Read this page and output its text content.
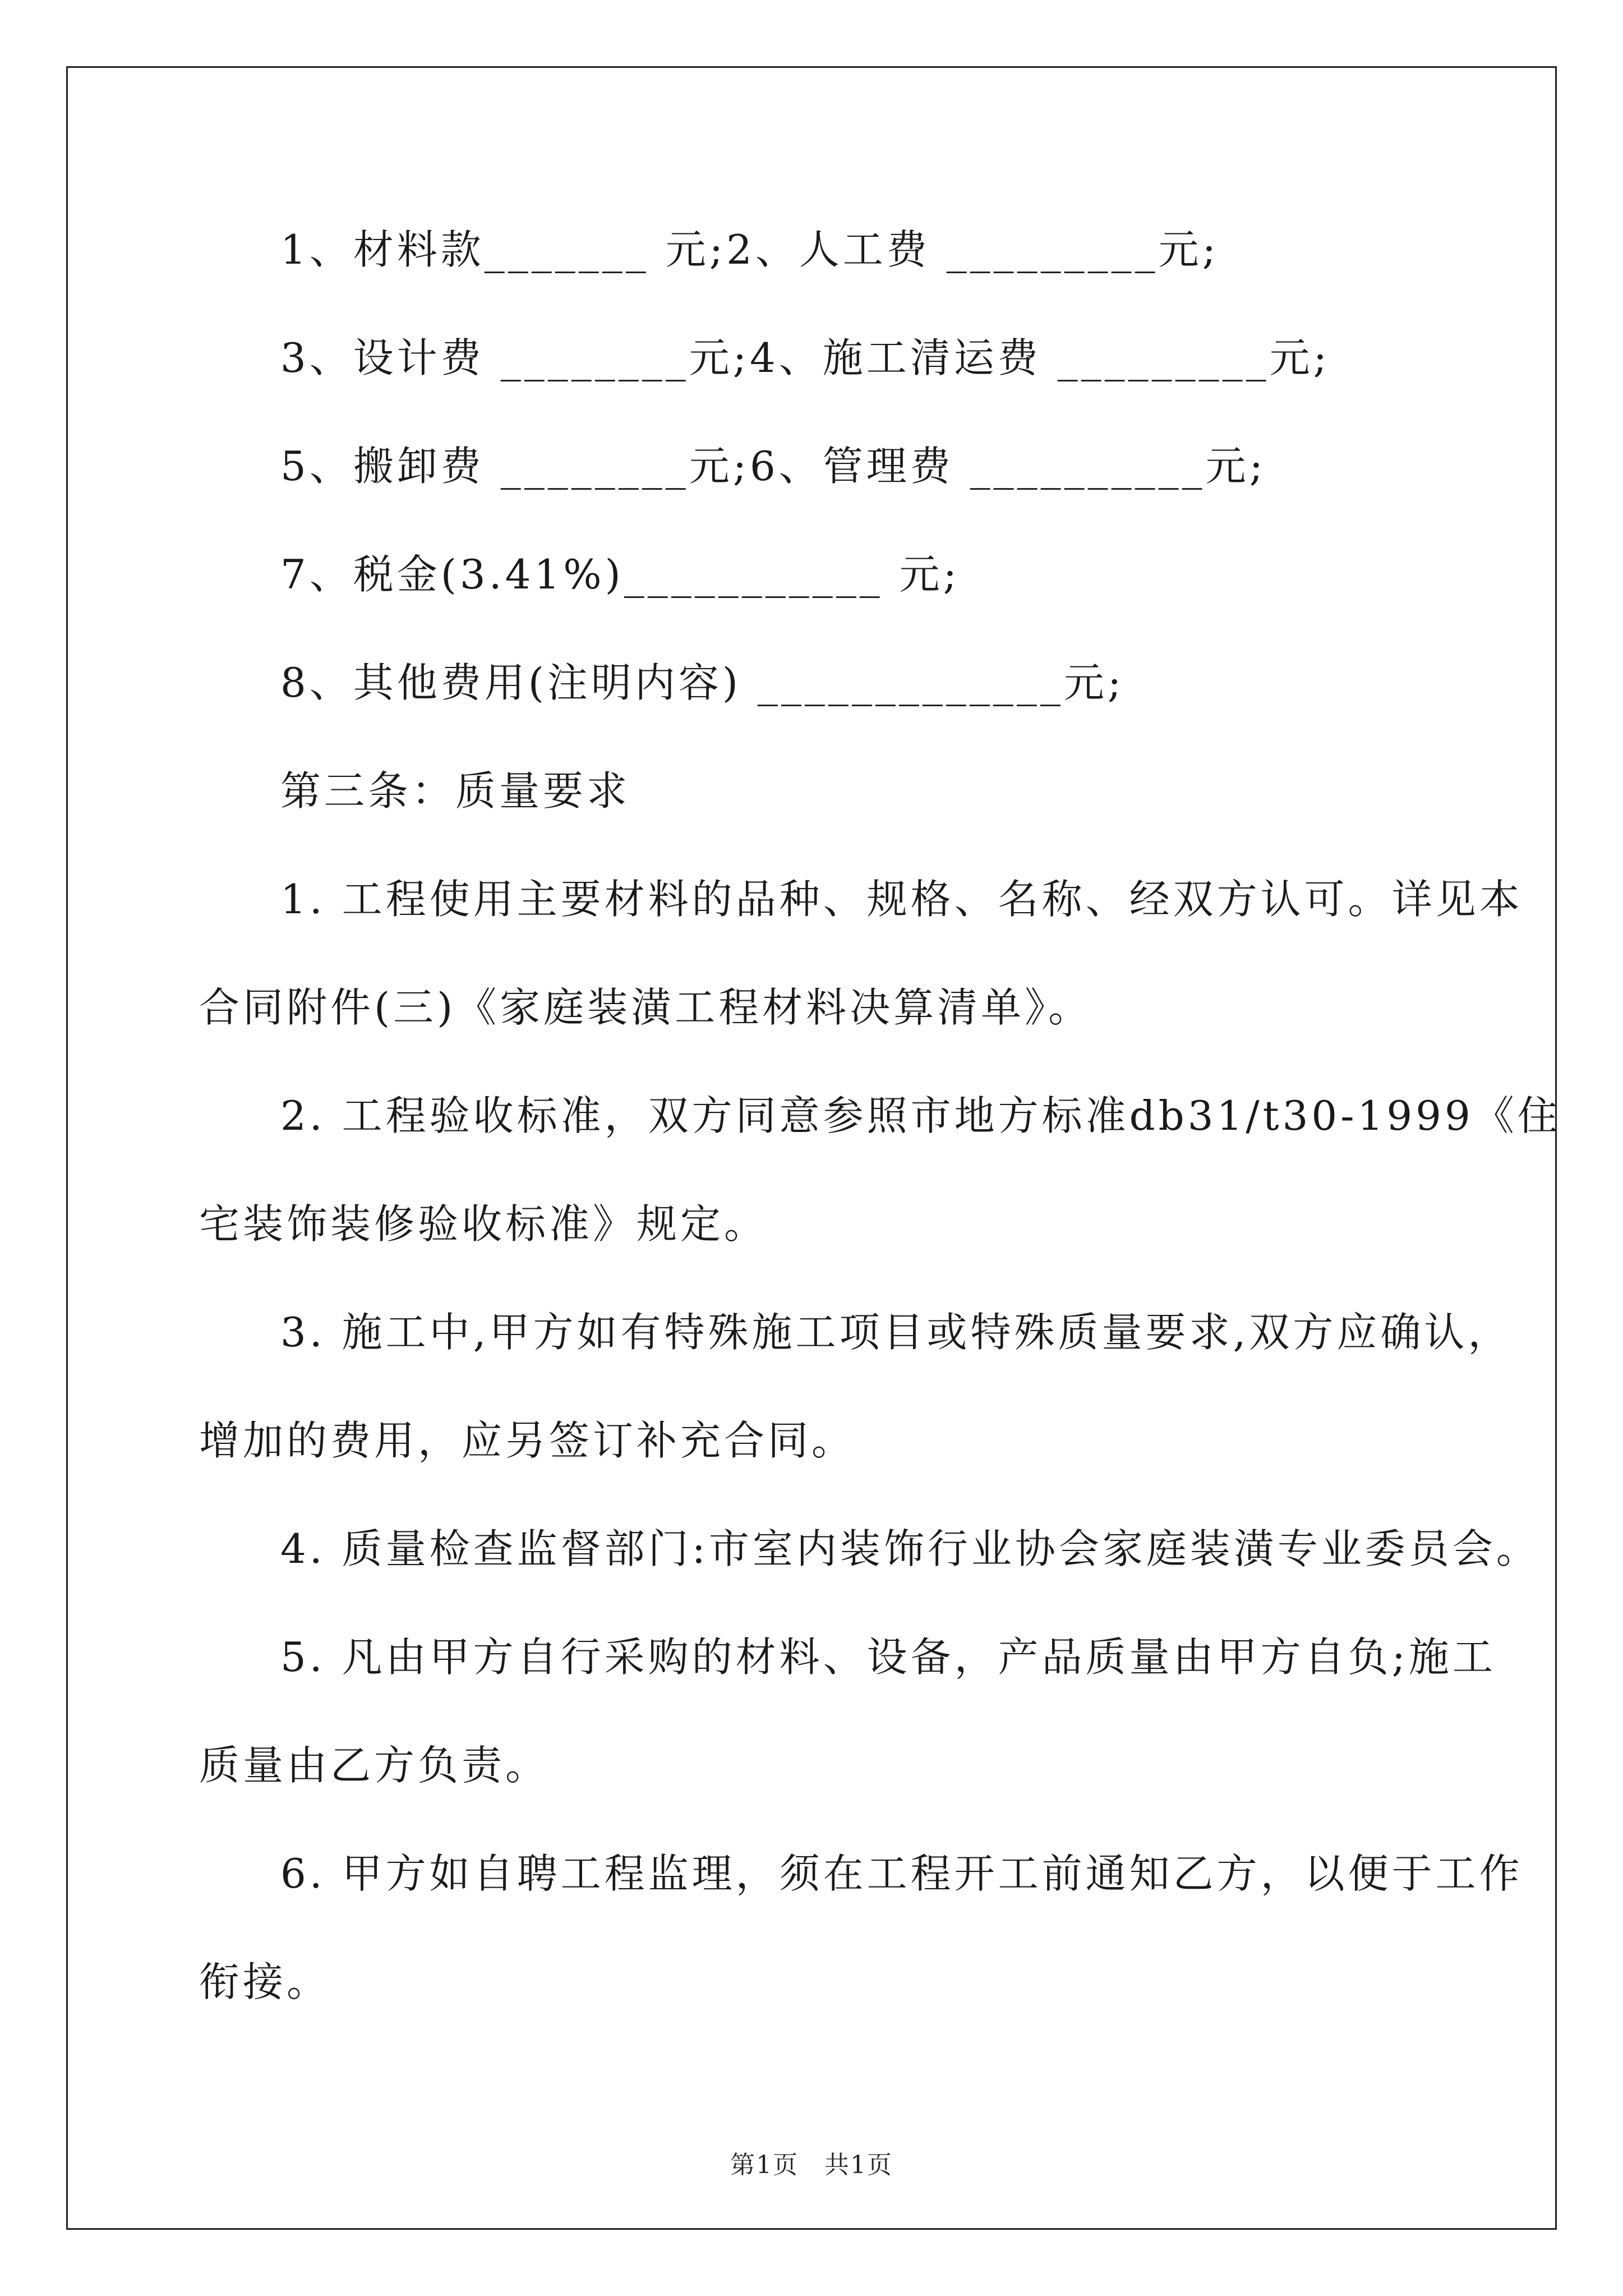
1、材料款_______ 元;2、人工费 _________元;
3、设计费 ________元;4、施工清运费 _________元;
5、搬卸费 ________元;6、管理费 __________元;
7、税金(3.41%)___________ 元;
8、其他费用(注明内容) _____________元;
第三条：质量要求
1. 工程使用主要材料的品种、规格、名称、经双方认可。详见本
合同附件(三)《家庭装潢工程材料决算清单》。
2. 工程验收标准，双方同意参照市地方标准db31/t30-1999《住
宅装饰装修验收标准》规定。
3. 施工中,甲方如有特殊施工项目或特殊质量要求,双方应确认，
增加的费用，应另签订补充合同。
4. 质量检查监督部门:市室内装饰行业协会家庭装潢专业委员会。
5. 凡由甲方自行采购的材料、设备，产品质量由甲方自负;施工
质量由乙方负责。
6. 甲方如自聘工程监理，须在工程开工前通知乙方，以便于工作
衔接。
第1页　共1页
